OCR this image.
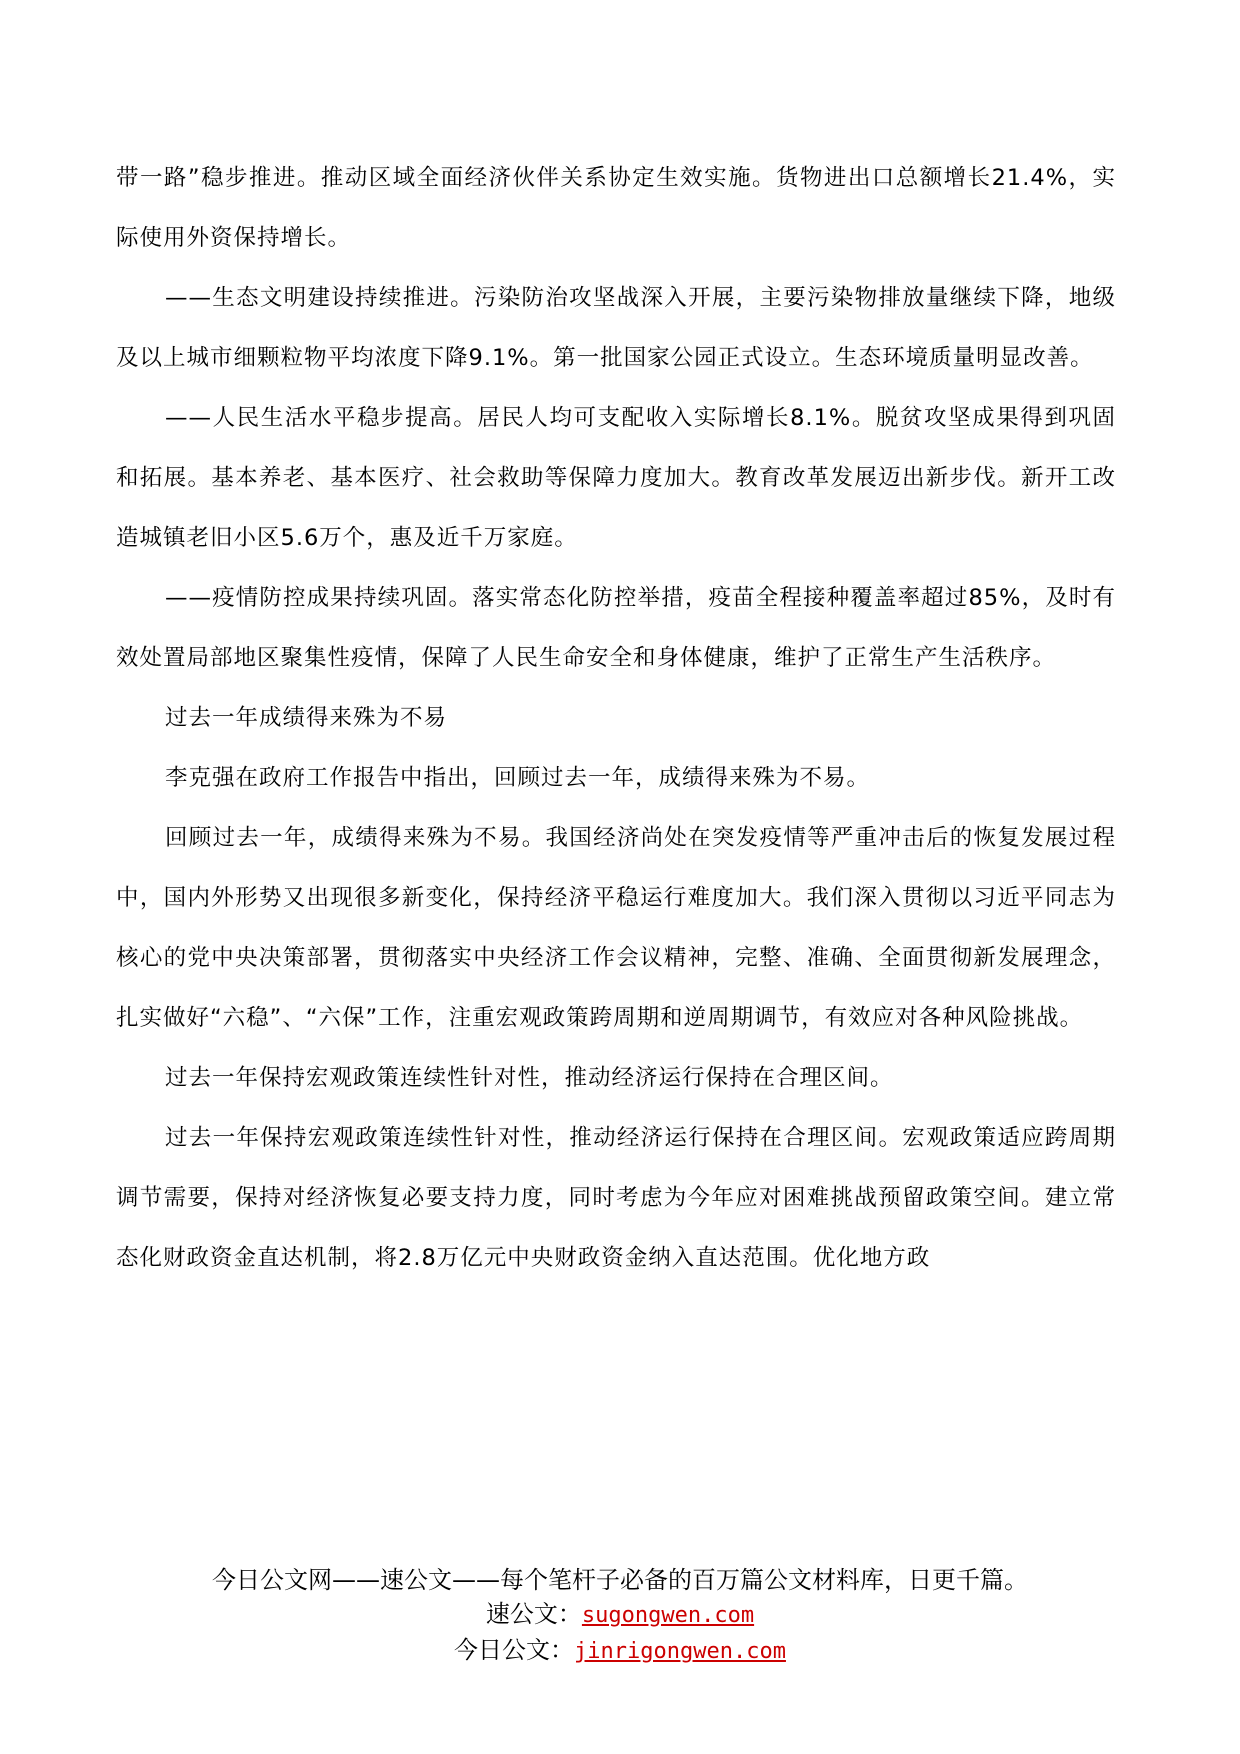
带一路”稳步推进。推动区域全面经济伙伴关系协定生效实施。货物进出口总额增长21.4%，实际使用外资保持增长。

——生态文明建设持续推进。污染防治攻坚战深入开展，主要污染物排放量继续下降，地级及以上城市细颗粒物平均浓度下降9.1%。第一批国家公园正式设立。生态环境质量明显改善。

——人民生活水平稳步提高。居民人均可支配收入实际增长8.1%。脱贫攻坚成果得到巩固和拓展。基本养老、基本医疗、社会救助等保障力度加大。教育改革发展迈出新步伐。新开工改造城镇老旧小区5.6万个，惠及近千万家庭。

——疫情防控成果持续巩固。落实常态化防控举措，疫苗全程接种覆盖率超过85%，及时有效处置局部地区聚集性疫情，保障了人民生命安全和身体健康，维护了正常生产生活秩序。

过去一年成绩得来殊为不易

李克强在政府工作报告中指出，回顾过去一年，成绩得来殊为不易。

回顾过去一年，成绩得来殊为不易。我国经济尚处在突发疫情等严重冲击后的恢复发展过程中，国内外形势又出现很多新变化，保持经济平稳运行难度加大。我们深入贯彻以习近平同志为核心的党中央决策部署，贯彻落实中央经济工作会议精神，完整、准确、全面贯彻新发展理念，扎实做好“六稳”、“六保”工作，注重宏观政策跨周期和逆周期调节，有效应对各种风险挑战。

过去一年保持宏观政策连续性针对性，推动经济运行保持在合理区间。

过去一年保持宏观政策连续性针对性，推动经济运行保持在合理区间。宏观政策适应跨周期调节需要，保持对经济恢复必要支持力度，同时考虑为今年应对困难挑战预留政策空间。建立常态化财政资金直达机制，将2.8万亿元中央财政资金纳入直达范围。优化地方政

今日公文网——速公文——每个笔杆子必备的百万篇公文材料库，日更千篇。
速公文：sugongwen.com
今日公文：jinrigongwen.com
